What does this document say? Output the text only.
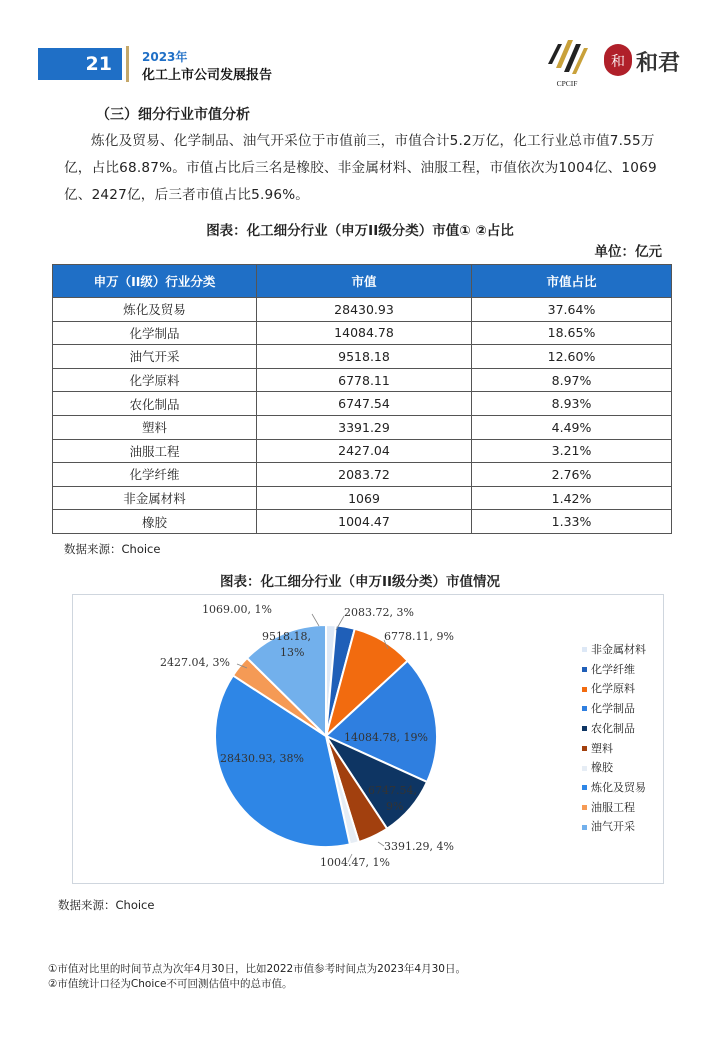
21	2023年
化工上市公司发展报告
CPCIF
和 和君
（三）细分行业市值分析
炼化及贸易、化学制品、油气开采位于市值前三，市值合计5.2万亿，化工行业总市值7.55万亿，占比68.87%。市值占比后三名是橡胶、非金属材料、油服工程，市值依次为1004亿、1069亿、2427亿，后三者市值占比5.96%。
图表：化工细分行业（申万II级分类）市值① ②占比
单位：亿元
申万（II级）行业分类	市值	市值占比
炼化及贸易	28430.93	37.64%
化学制品	14084.78	18.65%
油气开采	9518.18	12.60%
化学原料	6778.11	8.97%
农化制品	6747.54	8.93%
塑料	3391.29	4.49%
油服工程	2427.04	3.21%
化学纤维	2083.72	2.76%
非金属材料	1069	1.42%
橡胶	1004.47	1.33%
数据来源：Choice
图表：化工细分行业（申万II级分类）市值情况
1069.00, 1%	2083.72, 3%
6778.11, 9%
14084.78, 19%
6747.54, 9%
3391.29, 4%
1004.47, 1%
28430.93, 38%
2427.04, 3%
9518.18, 13%	非金属材料
化学纤维
化学原料
化学制品
农化制品
塑料
橡胶
炼化及贸易
油服工程
油气开采
数据来源：Choice
①市值对比里的时间节点为次年4月30日，比如2022市值参考时间点为2023年4月30日。
②市值统计口径为Choice不可回测估值中的总市值。
